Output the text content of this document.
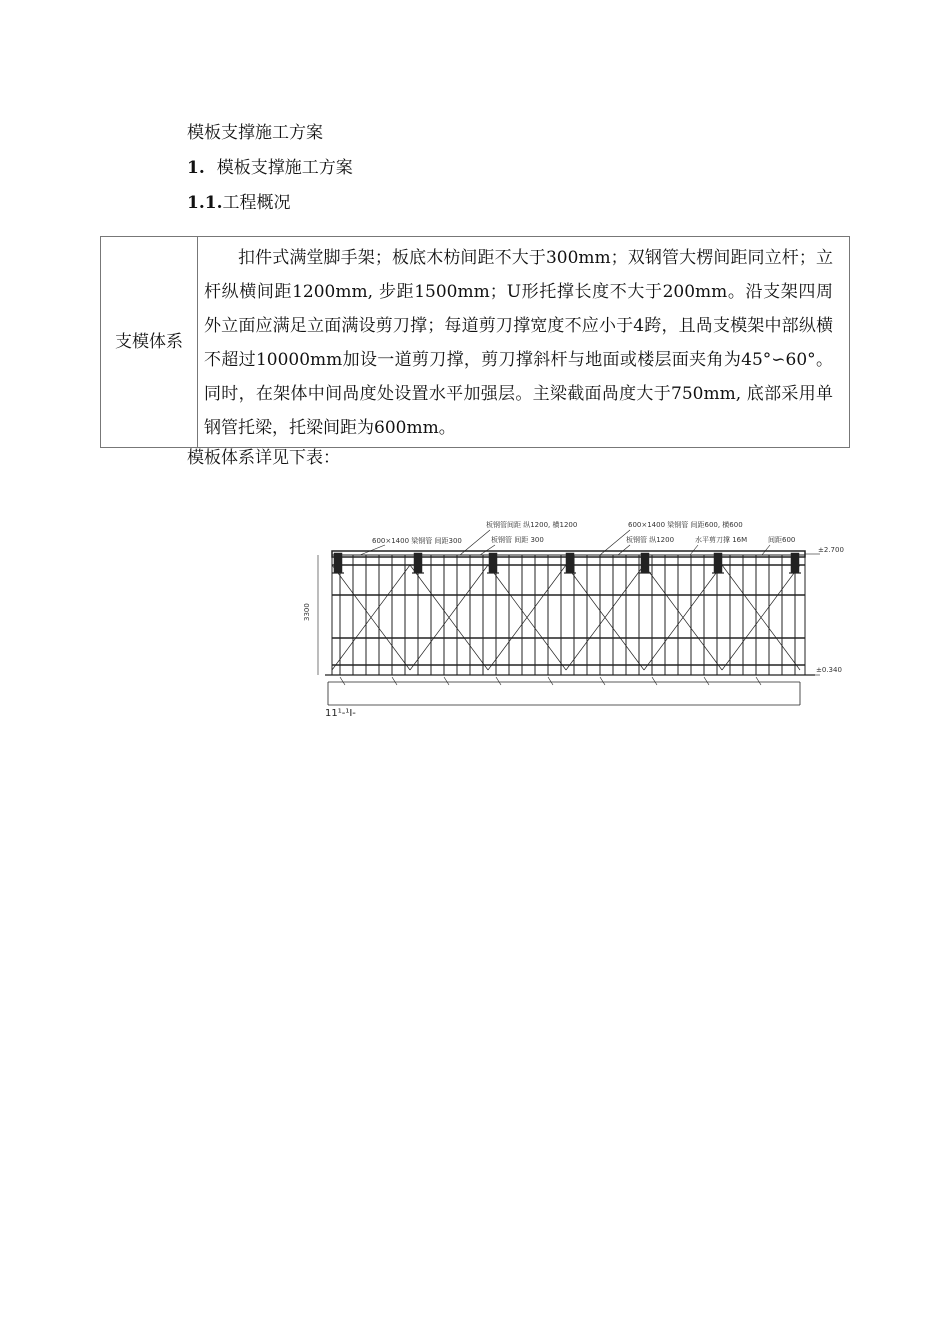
模板支撑施工方案
1. 模板支撑施工方案
1.1.工程概况
支模体系	
扣件式满堂脚手架；板底木枋间距不大于300mm；双钢管大楞间距同立杆；立杆纵横间距1200mm, 步距1500mm；U形托撑长度不大于200mm。沿支架四周外立面应满足立面满设剪刀撑；每道剪刀撑宽度不应小于4跨，且咼支模架中部纵横不超过10000mm加设一道剪刀撑，剪刀撑斜杆与地面或楼层面夹角为45°∽60°。同时，在架体中间咼度处设置水平加强层。主梁截面咼度大于750mm, 底部采用单钢管托梁，托梁间距为600mm。
模板体系详见下表：
600×1400 梁钢管 间距300
板钢管间距 纵1200, 横1200
板钢管 间距 300
600×1400 梁钢管 间距600, 横600
板钢管 纵1200	水平剪刀撑 16M	间距600
±2.700
±0.340
3300
11¹-¹I-
